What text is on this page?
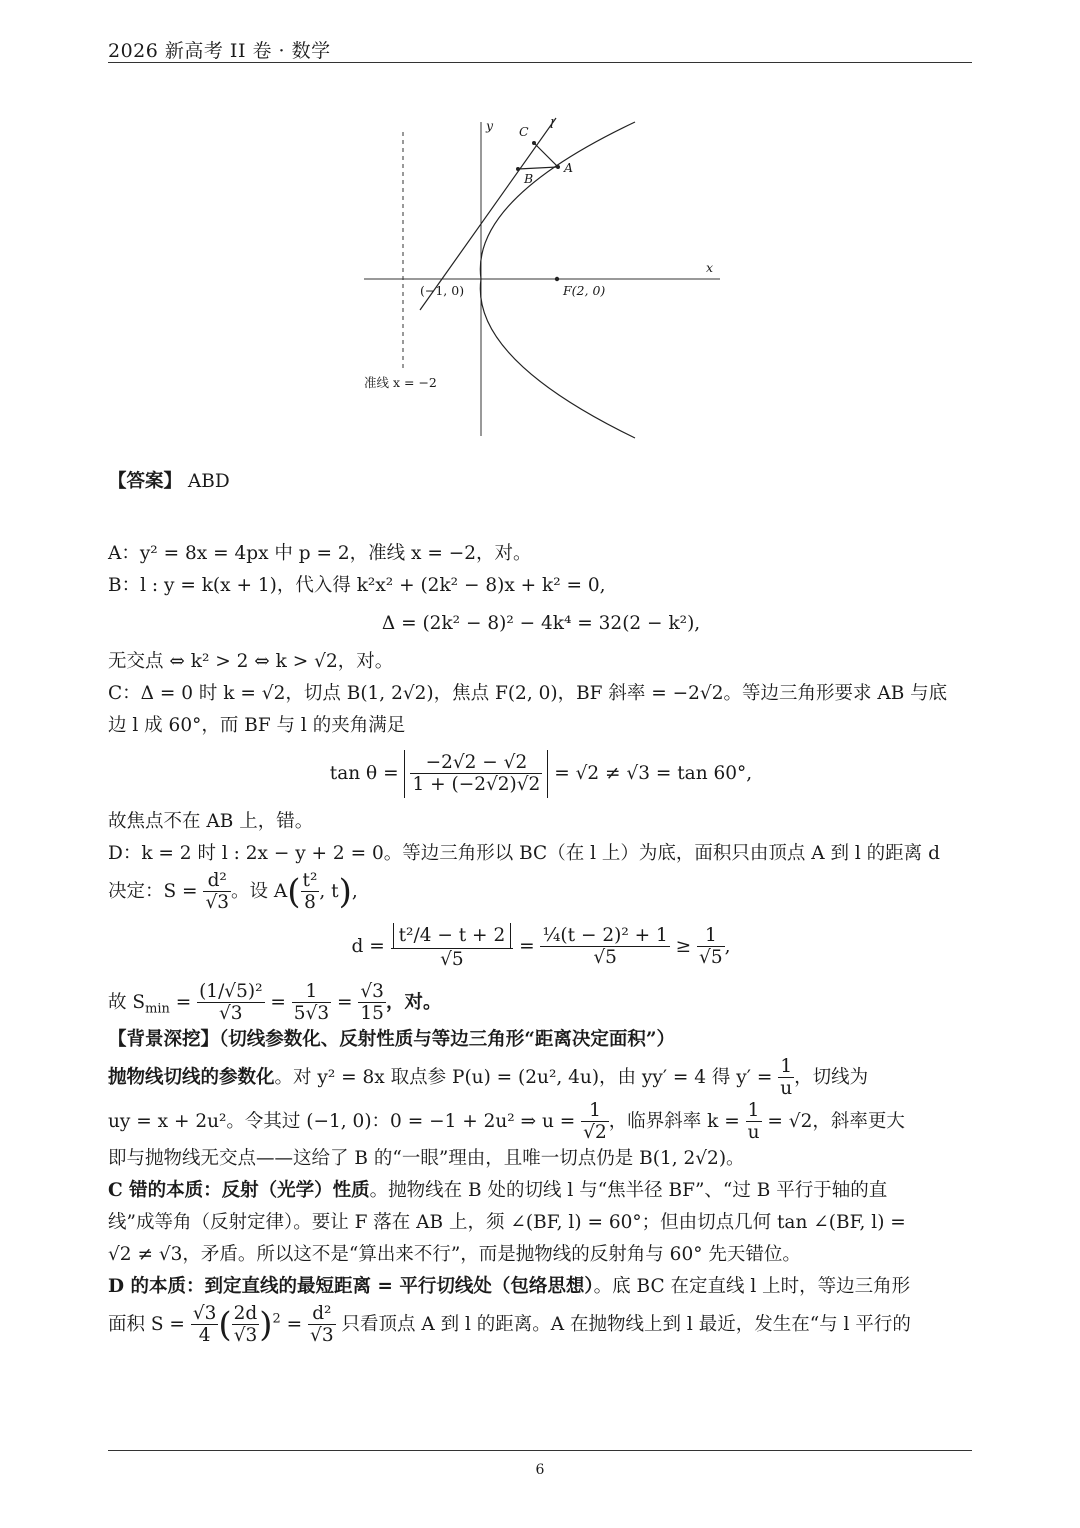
2026 新高考 II 卷 · 数学
y
x
C
l
A
B
(−1, 0)	F(2, 0)
准线 x = −2

【答案】 ABD

A：y² = 8x = 4px 中 p = 2，准线 x = −2，对。

B：l : y = k(x + 1)，代入得 k²x² + (2k² − 8)x + k² = 0,

Δ = (2k² − 8)² − 4k⁴ = 32(2 − k²),

无交点 ⇔ k² > 2 ⇔ k > √2，对。

C：Δ = 0 时 k = √2，切点 B(1, 2√2)，焦点 F(2, 0)，BF 斜率 = −2√2。等边三角形要求 AB 与底

边 l 成 60°，而 BF 与 l 的夹角满足

$\tan \theta = \frac{-2√2 - √2}{1 + (-2√2)√2} = √2 \ne √3 = \tan 60^\circ$,

故焦点不在 AB 上，错。

D：k = 2 时 l : 2x − y + 2 = 0。等边三角形以 BC（在 l 上）为底，面积只由顶点 A 到 l 的距离 d

决定：$S = \frac{\text{d²}}{√3}$ 。设 $A( \frac{\text{t²}}{8}$ , t),

$d = \frac{\text{t²/4 − t + 2}}{√5} = \frac{\text{¼(t − 2)² + 1}}{√5} \ge \frac{1}{√5}$ ,

故 $S_{min} = \frac{\text{(1/√5)²}}{√3} = \frac{1}{5√3} = \frac{√3}{15}$ ，对。

【背景深挖】（切线参数化、反射性质与等边三角形“距离决定面积”）

抛物线切线的参数化。对 y² = 8x 取点参 P(u) = (2u², 4u)，由 yy′ = 4 得 $y' = \frac{1}{u}$ ，切线为

uy = x + 2u²。令其过 (−1, 0)：0 = −1 + 2u² ⇒ $u = \frac{1}{√2}$ ，临界斜率 $k = \frac{1}{u} = √2$，斜率更大

即与抛物线无交点——这给了 B 的“一眼”理由，且唯一切点仍是 B(1, 2√2)。

C 错的本质：反射（光学）性质。抛物线在 B 处的切线 l 与“焦半径 BF”、“过 B 平行于轴的直

线”成等角（反射定律）。要让 F 落在 AB 上，须 ∠(BF, l) = 60°；但由切点几何 tan ∠(BF, l) =

√2 ≠ √3，矛盾。所以这不是“算出来不行”，而是抛物线的反射角与 60° 先天错位。

D 的本质：到定直线的最短距离 = 平行切线处（包络思想）。底 BC 在定直线 l 上时，等边三角形

面积 $S = \frac{√3}{4}$ ( $\frac{2d}{√3} )^2 = \frac{\text{d²}}{√3}$ 只看顶点 A 到 l 的距离。A 在抛物线上到 l 最近，发生在“与 l 平行的

6
